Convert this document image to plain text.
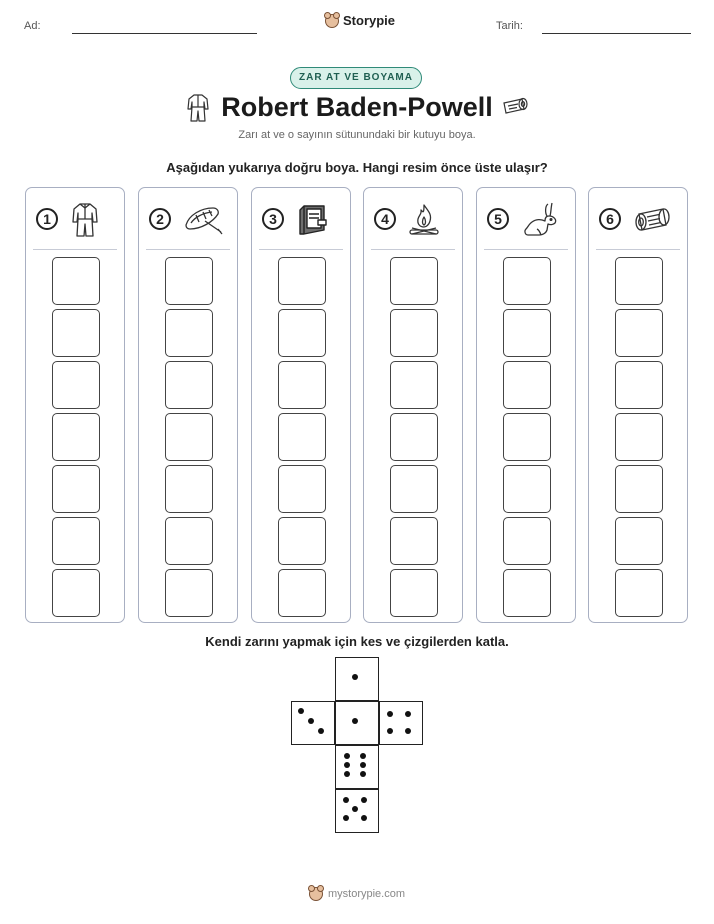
Ad:	Storypie	Tarih:
ZAR AT VE BOYAMA
Robert Baden-Powell
Zarı at ve o sayının sütunundaki bir kutuyu boya.
Aşağıdan yukarıya doğru boya. Hangi resim önce üste ulaşır?
1	2	3	4	5	6
Kendi zarını yapmak için kes ve çizgilerden katla.
mystorypie.com
